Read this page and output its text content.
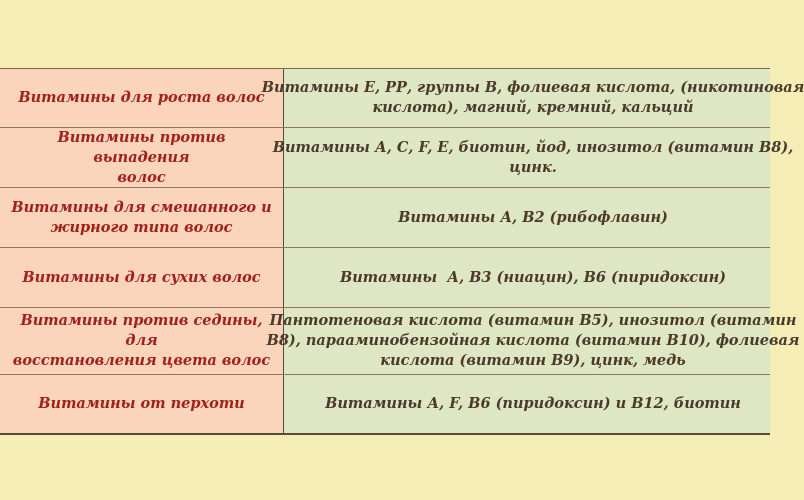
Витамины для роста волос
Витамины Е, РР, группы В, фолиевая кислота, (никотиновая
кислота), магний, кремний, кальций
Витамины против выпадения
волос
Витамины А, С, F, Е, биотин, йод, инозитол (витамин В8),
цинк.
Витамины для смешанного и
жирного типа волос
Витамины А, В2 (рибофлавин)
Витамины для сухих волос	Витамины  А, В3 (ниацин), В6 (пиридоксин)
Витамины против седины, для
восстановления цвета волос
Пантотеновая кислота (витамин В5), инозитол (витамин
В8), парааминобензойная кислота (витамин В10), фолиевая
кислота (витамин В9), цинк, медь
Витамины от перхоти	Витамины А, F, В6 (пиридоксин) и В12, биотин
